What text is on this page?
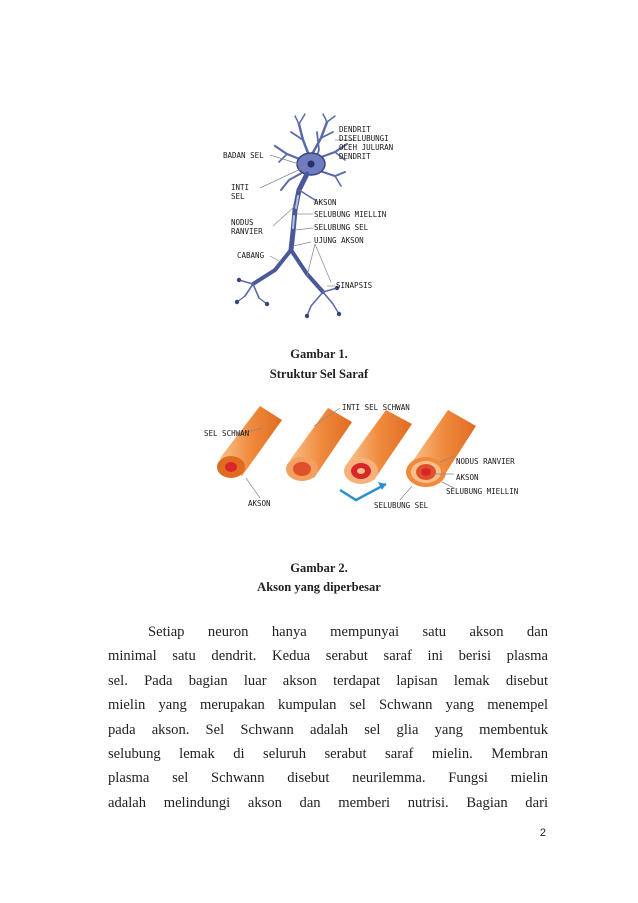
DENDRIT
DISELUBUNGI
OLEH JULURAN
DENDRIT
BADAN SEL
INTI
SEL
AKSON
SELUBUNG MIELLIN
NODUS
RANVIER	SELUBUNG SEL
UJUNG AKSON
CABANG
SINAPSIS
Gambar 1.
Struktur Sel Saraf
INTI SEL SCHWAN
SEL SCHWAN
NODUS RANVIER
AKSON
SELUBUNG MIELLIN
AKSON	SELUBUNG SEL
Gambar 2.
Akson yang diperbesar
Setiap neuron hanya mempunyai satu akson dan
minimal satu dendrit. Kedua serabut saraf ini berisi plasma
sel. Pada bagian luar akson terdapat lapisan lemak disebut
mielin yang merupakan kumpulan sel Schwann yang menempel
pada akson. Sel Schwann adalah sel glia yang membentuk
selubung lemak di seluruh serabut saraf mielin. Membran
plasma sel Schwann disebut neurilemma. Fungsi mielin
adalah melindungi akson dan memberi nutrisi. Bagian dari
2
